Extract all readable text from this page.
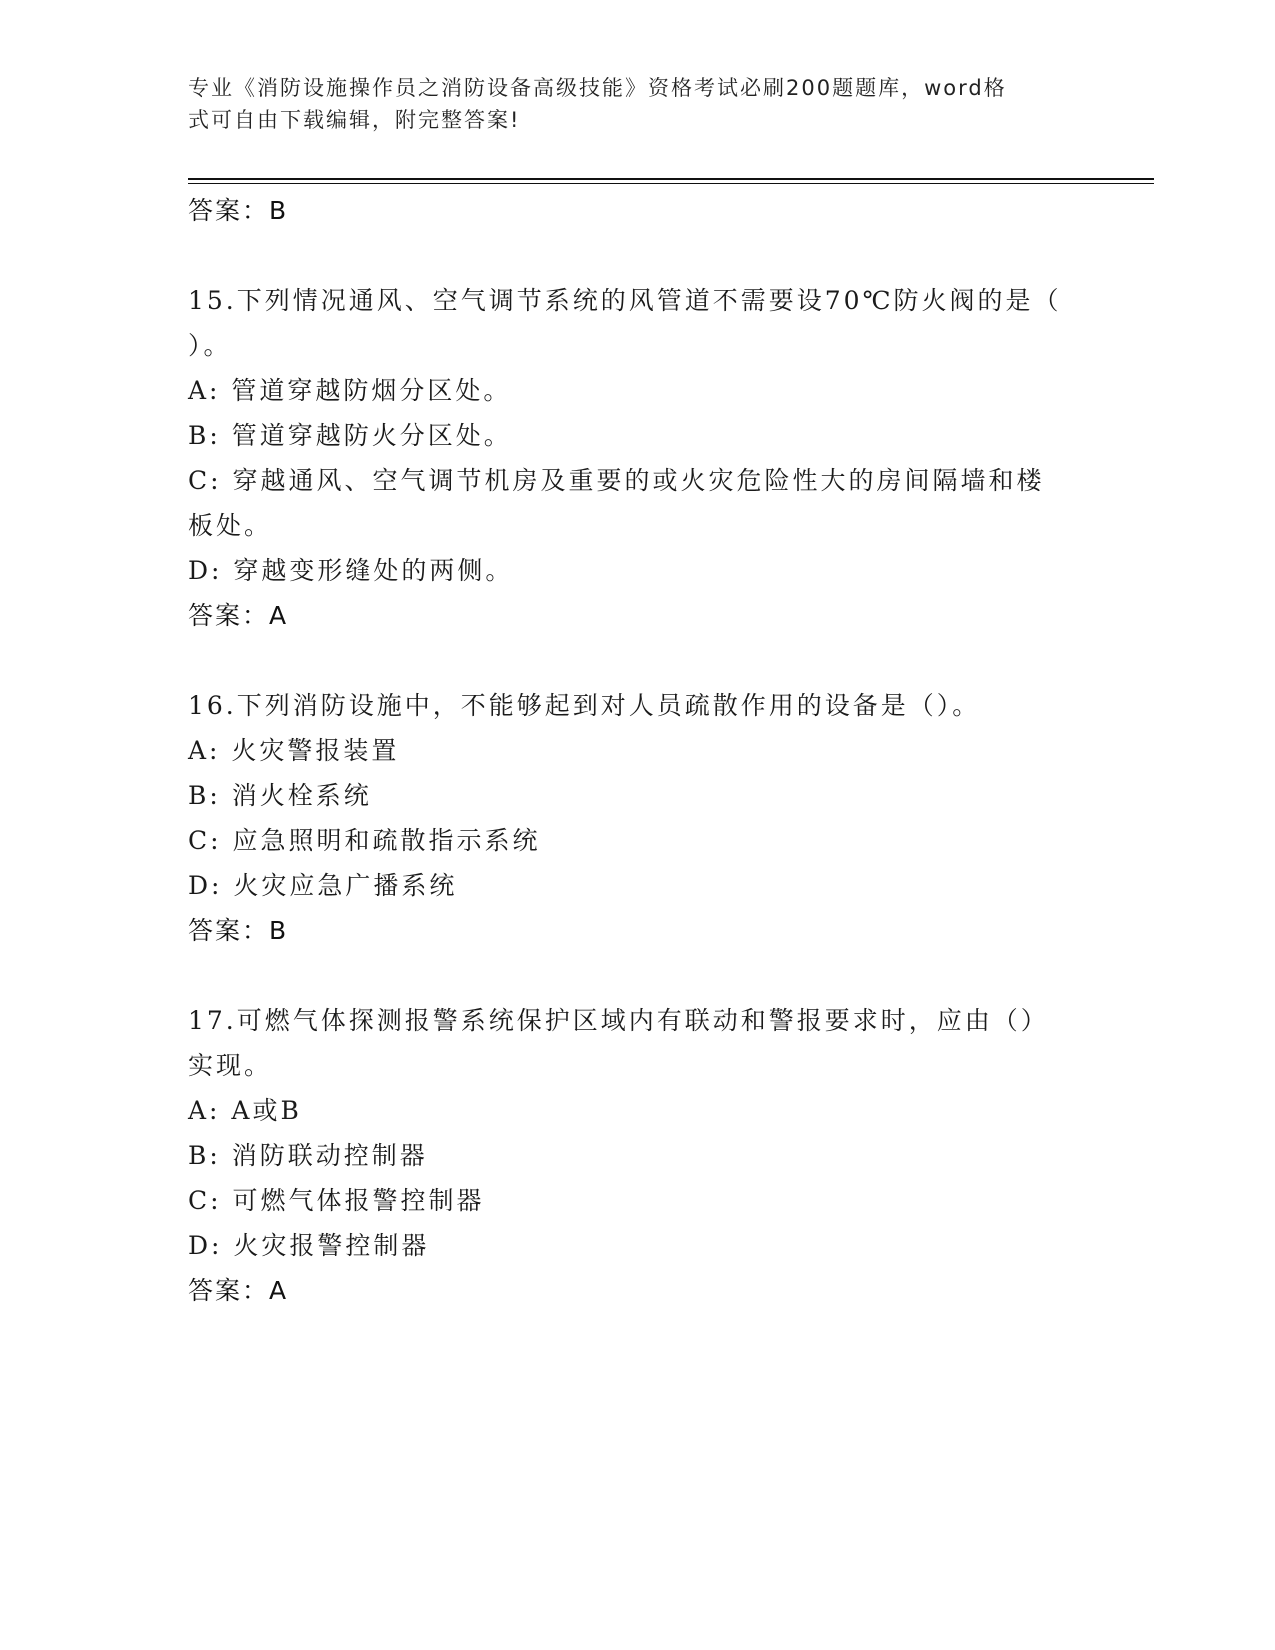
专业《消防设施操作员之消防设备高级技能》资格考试必刷200题题库，word格
式可自由下载编辑，附完整答案!
答案：B
15.下列情况通风、空气调节系统的风管道不需要设70℃防火阀的是（
）。
A: 管道穿越防烟分区处。
B: 管道穿越防火分区处。
C: 穿越通风、空气调节机房及重要的或火灾危险性大的房间隔墙和楼
板处。
D: 穿越变形缝处的两侧。
答案：A
16.下列消防设施中，不能够起到对人员疏散作用的设备是（）。
A: 火灾警报装置
B: 消火栓系统
C: 应急照明和疏散指示系统
D: 火灾应急广播系统
答案：B
17.可燃气体探测报警系统保护区域内有联动和警报要求时，应由（）
实现。
A: A或B
B: 消防联动控制器
C: 可燃气体报警控制器
D: 火灾报警控制器
答案：A
